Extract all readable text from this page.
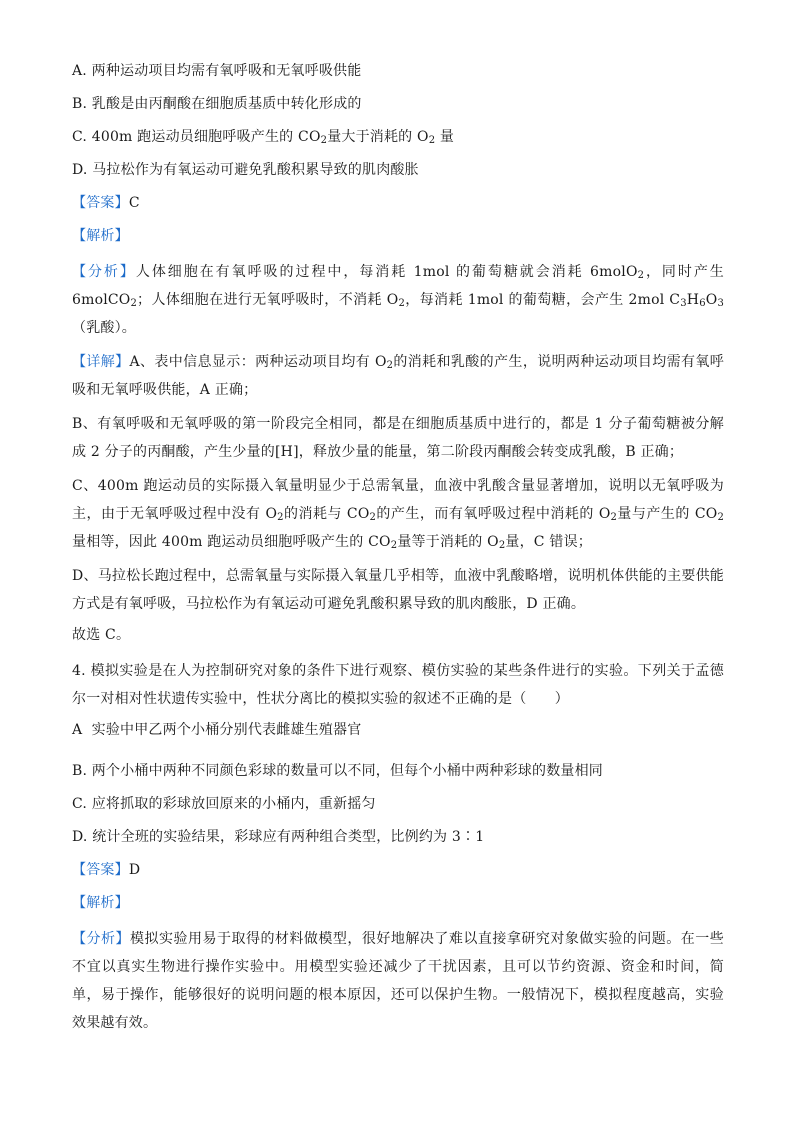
A. 两种运动项目均需有氧呼吸和无氧呼吸供能

B. 乳酸是由丙酮酸在细胞质基质中转化形成的

C. 400m 跑运动员细胞呼吸产生的 $CO_2$量大于消耗的 $O_2$ 量

D. 马拉松作为有氧运动可避免乳酸积累导致的肌肉酸胀

【答案】C

【解析】

【分析】人体细胞在有氧呼吸的过程中，每消耗 1mol 的葡萄糖就会消耗 6molO$_2$，同时产生 6molCO$_2$；人体细胞在进行无氧呼吸时，不消耗 $O_2$，每消耗 1mol 的葡萄糖，会产生 2mol $C_3H_6O_3$（乳酸）。

【详解】A、表中信息显示：两种运动项目均有 $O_2$的消耗和乳酸的产生，说明两种运动项目均需有氧呼吸和无氧呼吸供能，A 正确；

B、有氧呼吸和无氧呼吸的第一阶段完全相同，都是在细胞质基质中进行的，都是 1 分子葡萄糖被分解成 2 分子的丙酮酸，产生少量的[H]，释放少量的能量，第二阶段丙酮酸会转变成乳酸，B 正确；

C、400m 跑运动员的实际摄入氧量明显少于总需氧量，血液中乳酸含量显著增加，说明以无氧呼吸为主，由于无氧呼吸过程中没有 $O_2$的消耗与 $CO_2$的产生，而有氧呼吸过程中消耗的 $O_2$量与产生的 $CO_2$量相等，因此 400m 跑运动员细胞呼吸产生的 $CO_2$量等于消耗的 $O_2$量，C 错误；

D、马拉松长跑过程中，总需氧量与实际摄入氧量几乎相等，血液中乳酸略增，说明机体供能的主要供能方式是有氧呼吸，马拉松作为有氧运动可避免乳酸积累导致的肌肉酸胀，D 正确。

故选 C。

4. 模拟实验是在人为控制研究对象的条件下进行观察、模仿实验的某些条件进行的实验。下列关于孟德尔一对相对性状遗传实验中，性状分离比的模拟实验的叙述不正确的是（　　）

A 实验中甲乙两个小桶分别代表雌雄生殖器官

B. 两个小桶中两种不同颜色彩球的数量可以不同，但每个小桶中两种彩球的数量相同

C. 应将抓取的彩球放回原来的小桶内，重新摇匀

D. 统计全班的实验结果，彩球应有两种组合类型，比例约为 3∶1

【答案】D

【解析】

【分析】模拟实验用易于取得的材料做模型，很好地解决了难以直接拿研究对象做实验的问题。在一些不宜以真实生物进行操作实验中。用模型实验还减少了干扰因素，且可以节约资源、资金和时间，简单，易于操作，能够很好的说明问题的根本原因，还可以保护生物。一般情况下，模拟程度越高，实验效果越有效。
